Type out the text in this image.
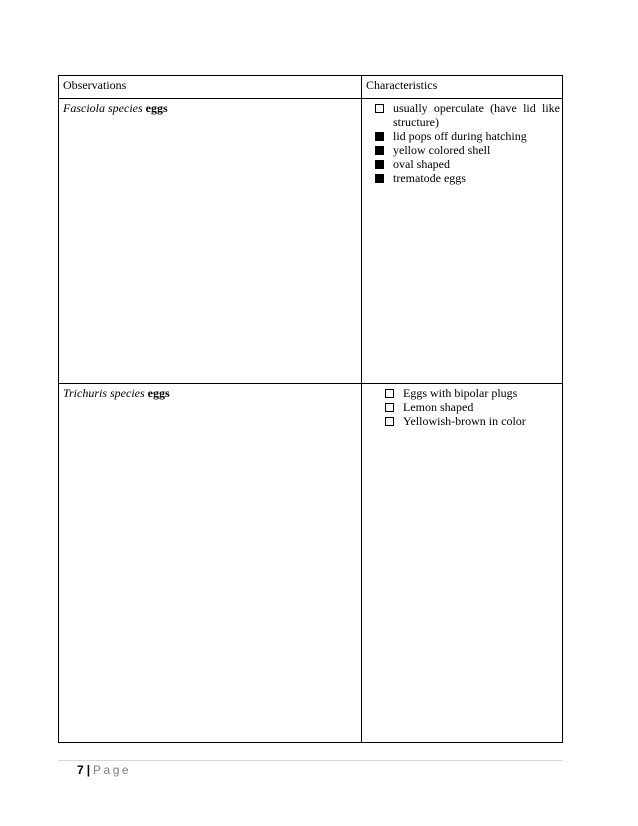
Observations	Characteristics
Fasciola species eggs	usually operculate (have lid like structure)
lid pops off during hatching
yellow colored shell
oval shaped
trematode eggs
Trichuris species eggs	Eggs with bipolar plugs
Lemon shaped
Yellowish-brown in color
7 | Page
